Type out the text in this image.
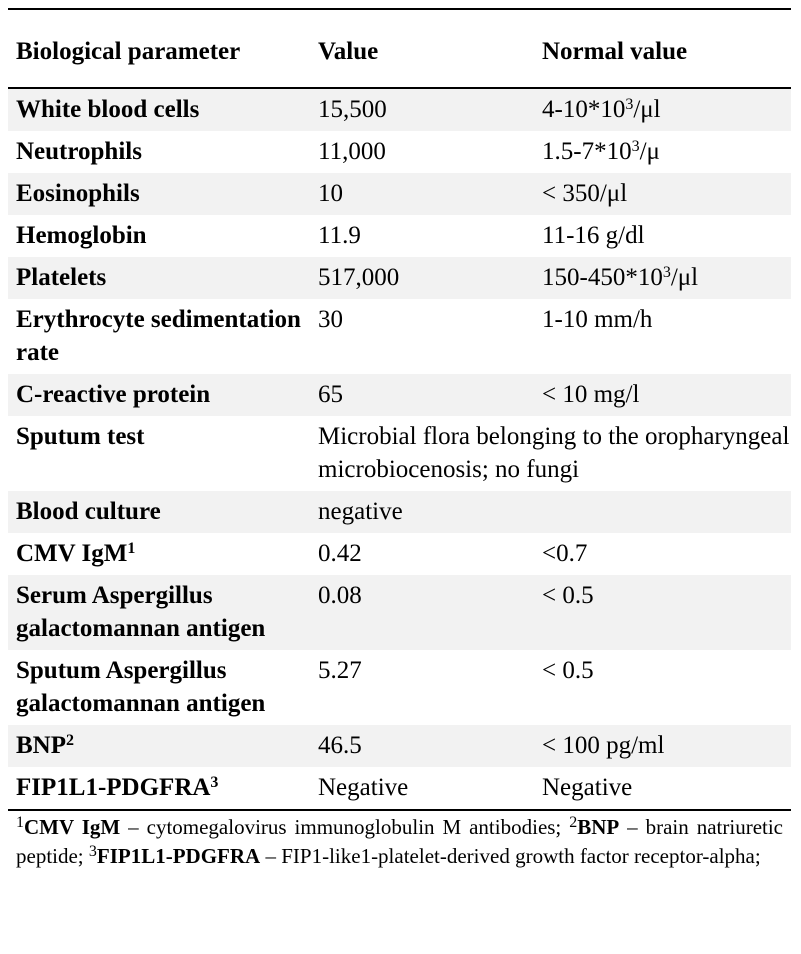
Biological parameter	Value	Normal value
White blood cells	15,500	$4-10*10^3/\mu l$
Neutrophils	11,000	$1.5-7*10^3/\mu$
Eosinophils	10	< 350/μl
Hemoglobin	11.9	11-16 g/dl
Platelets	517,000	$150-450*10^3/\mu l$
Erythrocyte sedimentation rate	30	1-10 mm/h
C-reactive protein	65	< 10 mg/l
Sputum test	Microbial flora belonging to the oropharyngeal microbiocenosis; no fungi	
Blood culture	negative	
CMV IgM$^1$	0.42	<0.7
Serum Aspergillus galactomannan antigen	0.08	< 0.5
Sputum Aspergillus galactomannan antigen	5.27	< 0.5
BNP$^2$	46.5	< 100 pg/ml
FIP1L1-PDGFRA$^3$	Negative	Negative
$^1$CMV IgM – cytomegalovirus immunoglobulin M antibodies; $^2$BNP – brain natriuretic peptide; $^3$FIP1L1-PDGFRA – FIP1-like1-platelet-derived growth factor receptor-alpha;
